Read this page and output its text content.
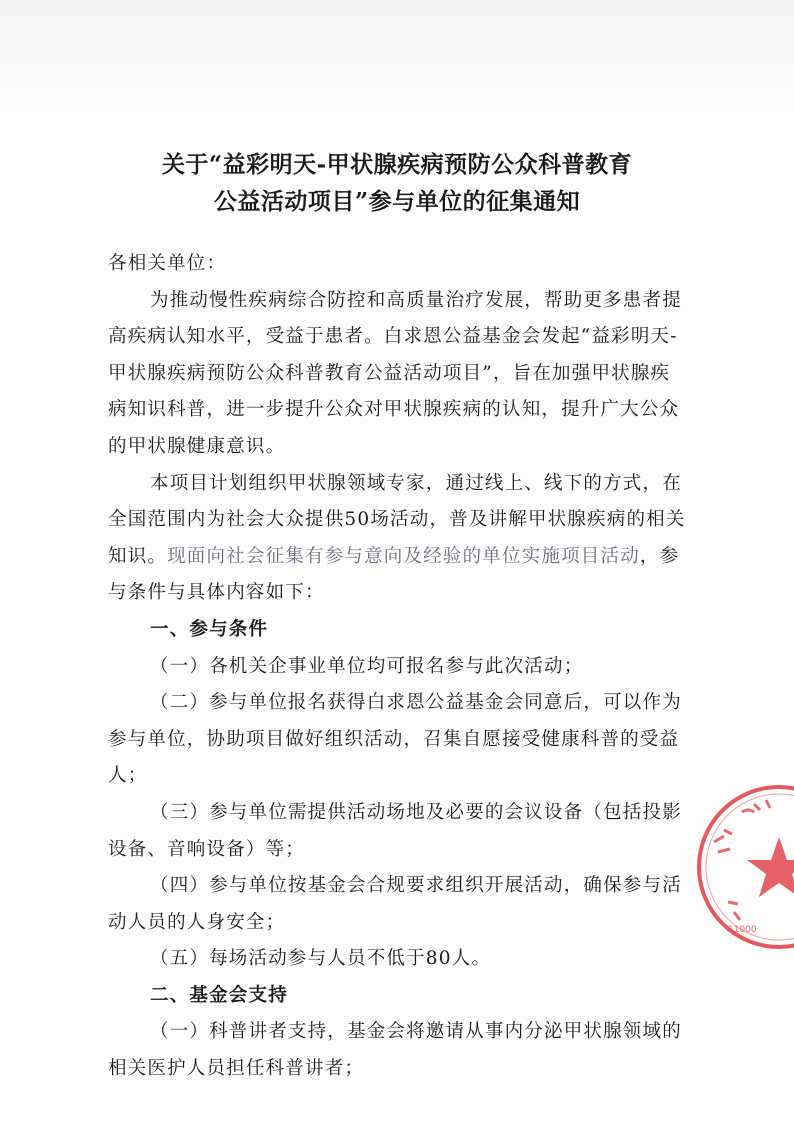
关于“益彩明天-甲状腺疾病预防公众科普教育
公益活动项目”参与单位的征集通知

各相关单位：

为推动慢性疾病综合防控和高质量治疗发展，帮助更多患者提

高疾病认知水平，受益于患者。白求恩公益基金会发起“益彩明天-

甲状腺疾病预防公众科普教育公益活动项目”，旨在加强甲状腺疾

病知识科普，进一步提升公众对甲状腺疾病的认知，提升广大公众

的甲状腺健康意识。

本项目计划组织甲状腺领域专家，通过线上、线下的方式，在

全国范围内为社会大众提供50场活动，普及讲解甲状腺疾病的相关

知识。现面向社会征集有参与意向及经验的单位实施项目活动，参

与条件与具体内容如下：

一、参与条件

（一）各机关企事业单位均可报名参与此次活动；

（二）参与单位报名获得白求恩公益基金会同意后，可以作为

参与单位，协助项目做好组织活动，召集自愿接受健康科普的受益

人；

（三）参与单位需提供活动场地及必要的会议设备（包括投影

设备、音响设备）等；

（四）参与单位按基金会合规要求组织开展活动，确保参与活

动人员的人身安全；

（五）每场活动参与人员不低于80人。

二、基金会支持

（一）科普讲者支持，基金会将邀请从事内分泌甲状腺领域的

相关医护人员担任科普讲者；

11000
